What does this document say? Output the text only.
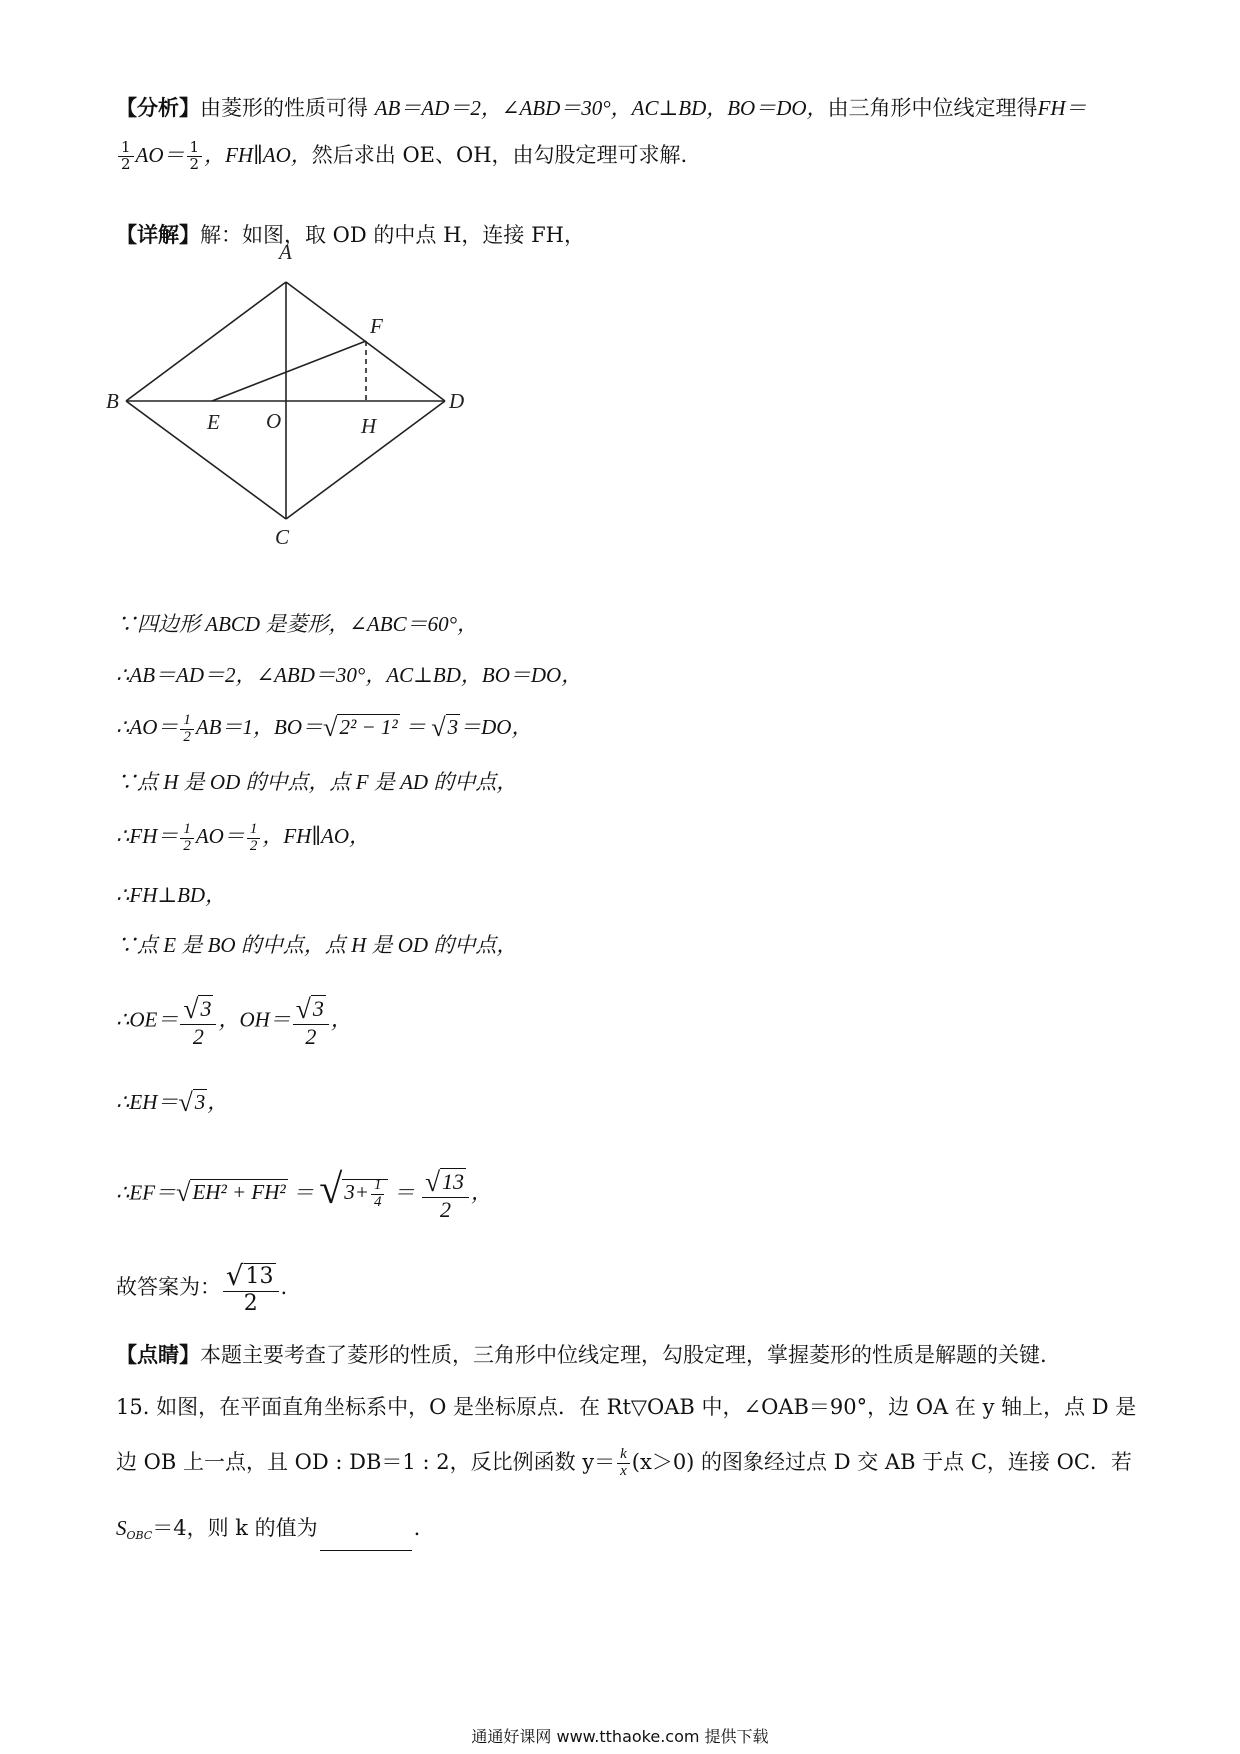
【分析】由菱形的性质可得 AB＝AD＝2，∠ABD＝30°，AC⊥BD，BO＝DO，由三角形中位线定理得FH＝
$\frac{1}{2} AO= \frac{1}{2}$ ，FH∥AO，然后求出 OE、OH，由勾股定理可求解.
【详解】解：如图，取 OD 的中点 H，连接 FH，
A
B
C
D
E O
F
H
∵四边形 ABCD 是菱形，∠ABC＝60°，
∴AB＝AD＝2，∠ABD＝30°，AC⊥BD，BO＝DO，
∴AO＝ $\frac{1}{2} AB=1$，BO＝√2² − 1² ＝ √3＝DO，
∵点 H 是 OD 的中点，点 F 是 AD 的中点，
∴FH＝ $\frac{1}{2} AO= \frac{1}{2}$ ，FH∥AO，
∴FH⊥BD，
∵点 E 是 BO 的中点，点 H 是 OD 的中点，
∴OE＝ $\frac{√3}{2}$ ，$OH= \frac{√3}{2}$ ，
∴EH＝√3，
∴EF＝√EH² + $FH^2 = √3+ \frac{1}{4} = \frac{√13}{2}$ ，
故答案为： $\frac{√13}{2}$ .
【点睛】本题主要考查了菱形的性质，三角形中位线定理，勾股定理，掌握菱形的性质是解题的关键.
15. 如图，在平面直角坐标系中，O 是坐标原点．在 Rt▽OAB 中，∠OAB＝90°，边 OA 在 y 轴上，点 D 是
边 OB 上一点，且 OD : DB＝1 : 2，反比例函数 $y= \frac{k}{x} (x>0)$ 的图象经过点 D 交 AB 于点 C，连接 OC．若
$S_{OBC}=4$，则 k 的值为	.
通通好课网 www.tthaoke.com 提供下载
